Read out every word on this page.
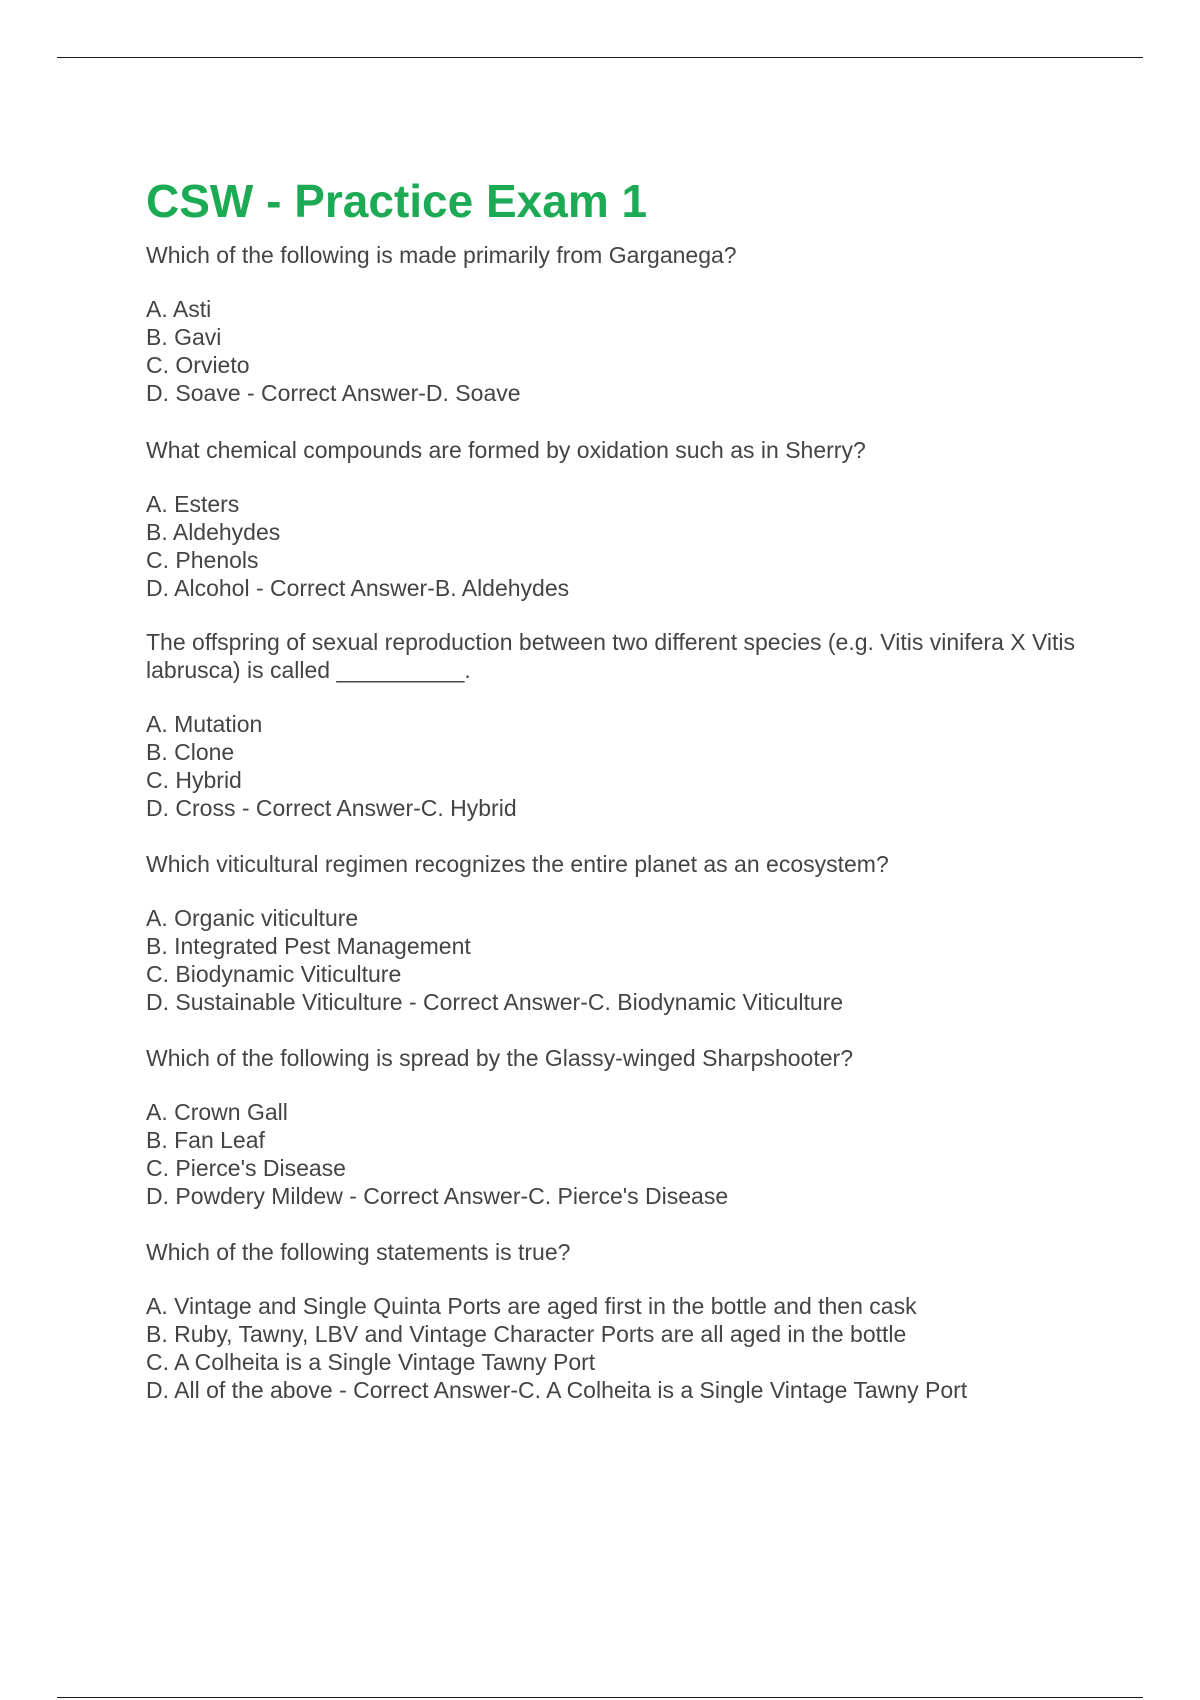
CSW - Practice Exam 1

Which of the following is made primarily from Garganega?

A. Asti
B. Gavi
C. Orvieto
D. Soave - Correct Answer-D. Soave

What chemical compounds are formed by oxidation such as in Sherry?

A. Esters
B. Aldehydes
C. Phenols
D. Alcohol - Correct Answer-B. Aldehydes

The offspring of sexual reproduction between two different species (e.g. Vitis vinifera X Vitis labrusca) is called __________.

A. Mutation
B. Clone
C. Hybrid
D. Cross - Correct Answer-C. Hybrid

Which viticultural regimen recognizes the entire planet as an ecosystem?

A. Organic viticulture
B. Integrated Pest Management
C. Biodynamic Viticulture
D. Sustainable Viticulture - Correct Answer-C. Biodynamic Viticulture

Which of the following is spread by the Glassy-winged Sharpshooter?

A. Crown Gall
B. Fan Leaf
C. Pierce's Disease
D. Powdery Mildew - Correct Answer-C. Pierce's Disease

Which of the following statements is true?

A. Vintage and Single Quinta Ports are aged first in the bottle and then cask
B. Ruby, Tawny, LBV and Vintage Character Ports are all aged in the bottle
C. A Colheita is a Single Vintage Tawny Port
D. All of the above - Correct Answer-C. A Colheita is a Single Vintage Tawny Port
